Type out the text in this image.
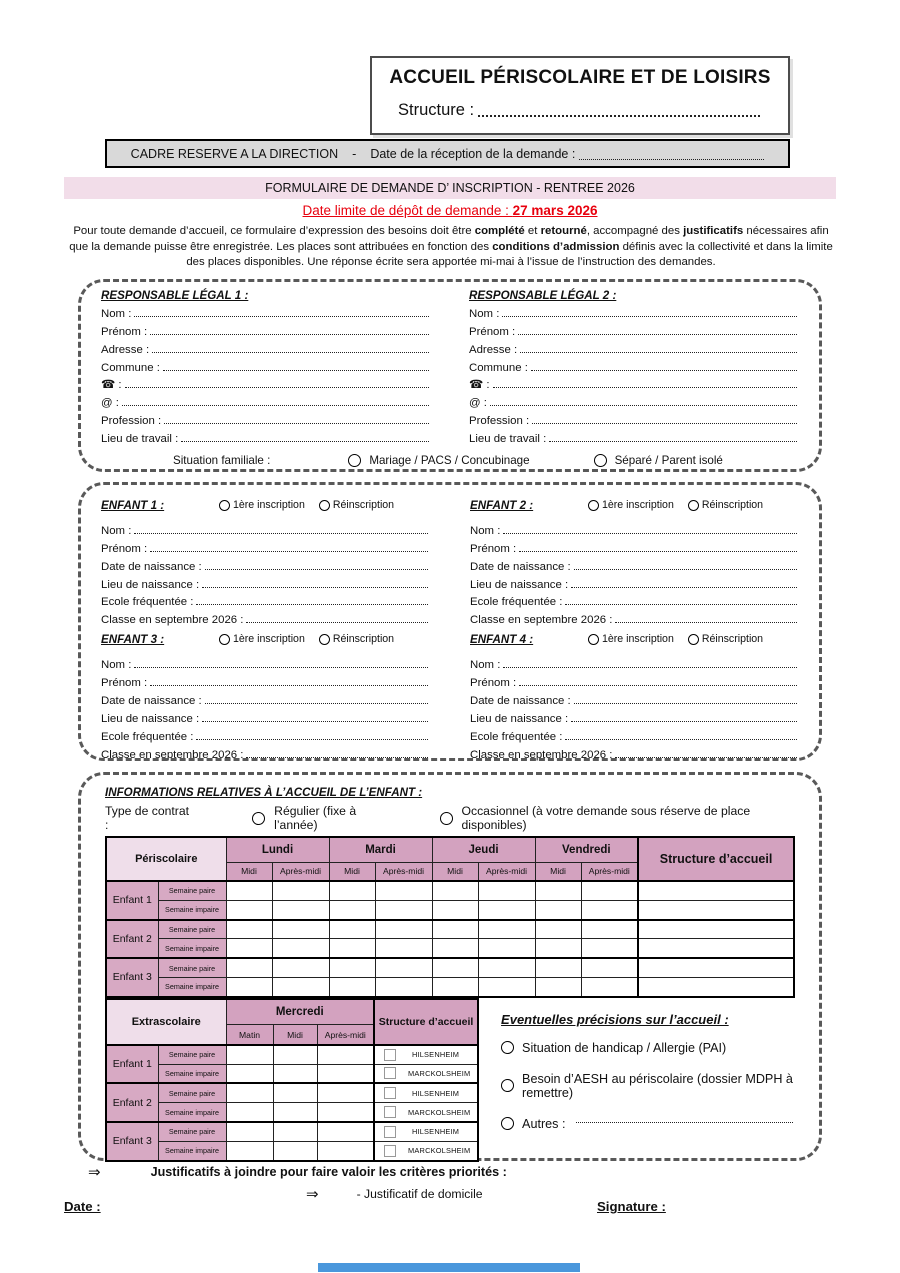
ACCUEIL PÉRISCOLAIRE ET DE LOISIRS
Structure :
CADRE RESERVE A LA DIRECTION - Date de la réception de la demande :
FORMULAIRE DE DEMANDE D’ INSCRIPTION - RENTREE 2026
Date limite de dépôt de demande : 27 mars 2026
Pour toute demande d’accueil, ce formulaire d’expression des besoins doit être complété et retourné, accompagné des justificatifs nécessaires afin que la demande puisse être enregistrée. Les places sont attribuées en fonction des conditions d’admission définis avec la collectivité et dans la limite des places disponibles. Une réponse écrite sera apportée mi-mai à l’issue de l’instruction des demandes.
RESPONSABLE LÉGAL 1 :
Nom :
Prénom :
Adresse :
Commune :
☎ :
@ :
Profession :
Lieu de travail :
RESPONSABLE LÉGAL 2 :
Nom :
Prénom :
Adresse :
Commune :
☎ :
@ :
Profession :
Lieu de travail :
Situation familiale :	Mariage / PACS / Concubinage	Séparé / Parent isolé
ENFANT 1 :	1ère inscription	Réinscription
Nom :
Prénom :
Date de naissance :
Lieu de naissance :
Ecole fréquentée :
Classe en septembre 2026 :
ENFANT 2 :	1ère inscription	Réinscription
Nom :
Prénom :
Date de naissance :
Lieu de naissance :
Ecole fréquentée :
Classe en septembre 2026 :
ENFANT 3 :	1ère inscription	Réinscription
Nom :
Prénom :
Date de naissance :
Lieu de naissance :
Ecole fréquentée :
Classe en septembre 2026 :
ENFANT 4 :	1ère inscription	Réinscription
Nom :
Prénom :
Date de naissance :
Lieu de naissance :
Ecole fréquentée :
Classe en septembre 2026 :
INFORMATIONS RELATIVES À L’ACCUEIL DE L’ENFANT :
Type de contrat :
Régulier (fixe à l’année)
Occasionnel (à votre demande sous réserve de place disponibles)
Périscolaire		Lundi		Mardi		Jeudi		Vendredi		Structure d’accueil
		Midi	Après-midi	Midi	Après-midi	Midi	Après-midi	Midi	Après-midi	
Enfant 1	Semaine paire									
	Semaine impaire									
Enfant 2	Semaine paire									
	Semaine impaire									
Enfant 3	Semaine paire									
	Semaine impaire									
Extrascolaire		Mercredi			Structure d’accueil
		Matin	Midi	Après-midi	
Enfant 1	Semaine paire				HILSENHEIM

	Semaine impaire				MARCKOLSHEIM

Enfant 2	Semaine paire				HILSENHEIM

	Semaine impaire				MARCKOLSHEIM

Enfant 3	Semaine paire				HILSENHEIM

	Semaine impaire				MARCKOLSHEIM
Eventuelles précisions sur l’accueil :
Situation de handicap / Allergie (PAI)
Besoin d’AESH au périscolaire (dossier MDPH à remettre)
Autres :
⇒	Justificatifs à joindre pour faire valoir les critères priorités :
⇒	- Justificatif de domicile
Date :	Signature :
